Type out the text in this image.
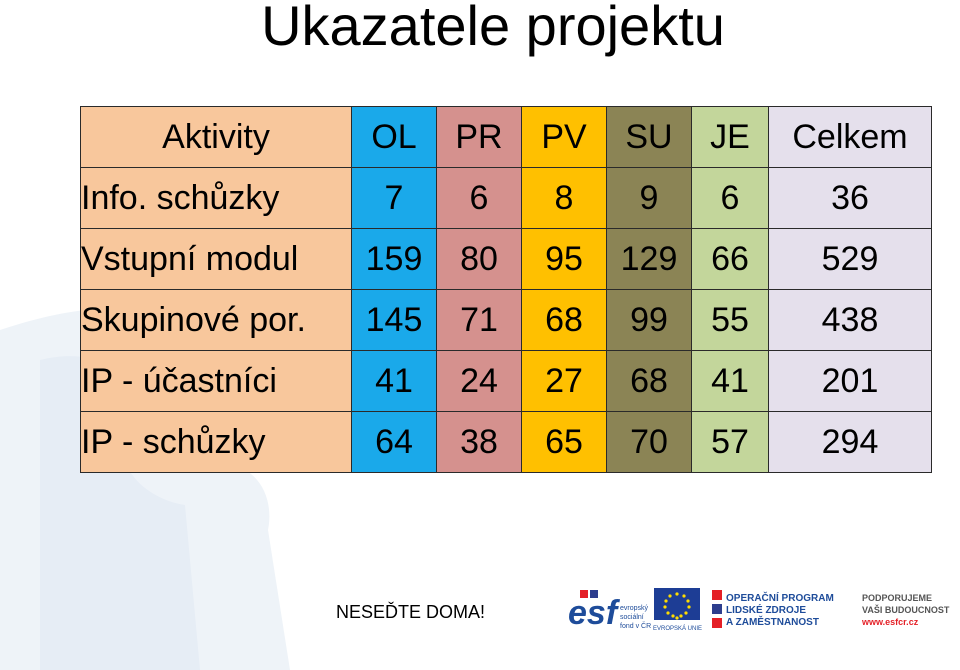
Ukazatele projektu
Aktivity	OL	PR	PV	SU	JE	Celkem
Info. schůzky	7	6	8	9	6	36
Vstupní modul	159	80	95	129	66	529
Skupinové por.	145	71	68	99	55	438
IP - účastníci	41	24	27	68	41	201
IP - schůzky	64	38	65	70	57	294
NESEĎTE DOMA! esf evropský
sociální
fond v ČR EVROPSKÁ UNIE
OPERAČNÍ PROGRAM
LIDSKÉ ZDROJE
A ZAMĚSTNANOST
PODPORUJEME
VAŠI BUDOUCNOST
www.esfcr.cz
